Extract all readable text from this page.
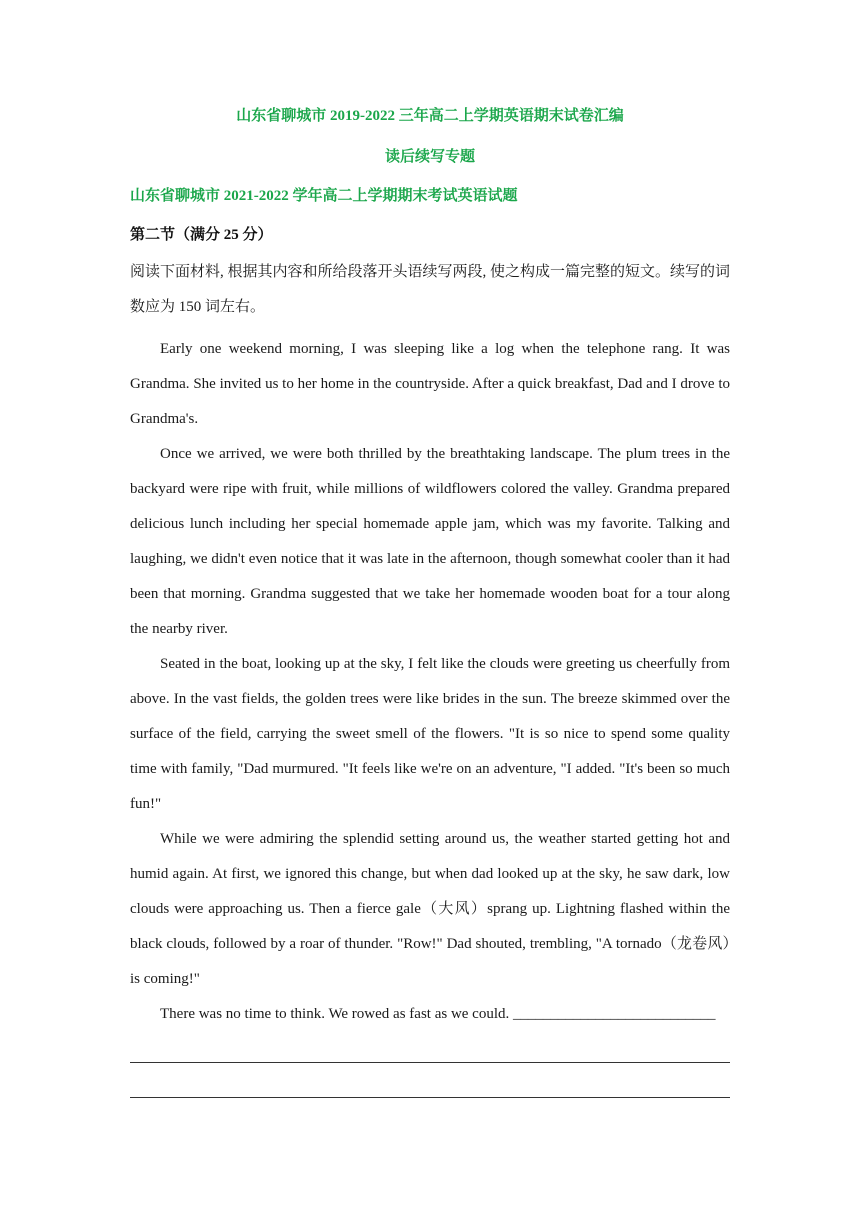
山东省聊城市 2019-2022 三年高二上学期英语期末试卷汇编
读后续写专题
山东省聊城市 2021-2022 学年高二上学期期末考试英语试题
第二节（满分 25 分）
阅读下面材料, 根据其内容和所给段落开头语续写两段, 使之构成一篇完整的短文。续写的词数应为 150 词左右。

Early one weekend morning, I was sleeping like a log when the telephone rang. It was Grandma. She invited us to her home in the countryside. After a quick breakfast, Dad and I drove to Grandma's.

Once we arrived, we were both thrilled by the breathtaking landscape. The plum trees in the backyard were ripe with fruit, while millions of wildflowers colored the valley. Grandma prepared delicious lunch including her special homemade apple jam, which was my favorite. Talking and laughing, we didn't even notice that it was late in the afternoon, though somewhat cooler than it had been that morning. Grandma suggested that we take her homemade wooden boat for a tour along the nearby river.

Seated in the boat, looking up at the sky, I felt like the clouds were greeting us cheerfully from above. In the vast fields, the golden trees were like brides in the sun. The breeze skimmed over the surface of the field, carrying the sweet smell of the flowers. "It is so nice to spend some quality time with family, "Dad murmured. "It feels like we're on an adventure, "I added. "It's been so much fun!"

While we were admiring the splendid setting around us, the weather started getting hot and humid again. At first, we ignored this change, but when dad looked up at the sky, he saw dark, low clouds were approaching us. Then a fierce gale（大风）sprang up. Lightning flashed within the black clouds, followed by a roar of thunder. "Row!" Dad shouted, trembling, "A tornado（龙卷风）is coming!"

There was no time to think. We rowed as fast as we could. ___________________________
